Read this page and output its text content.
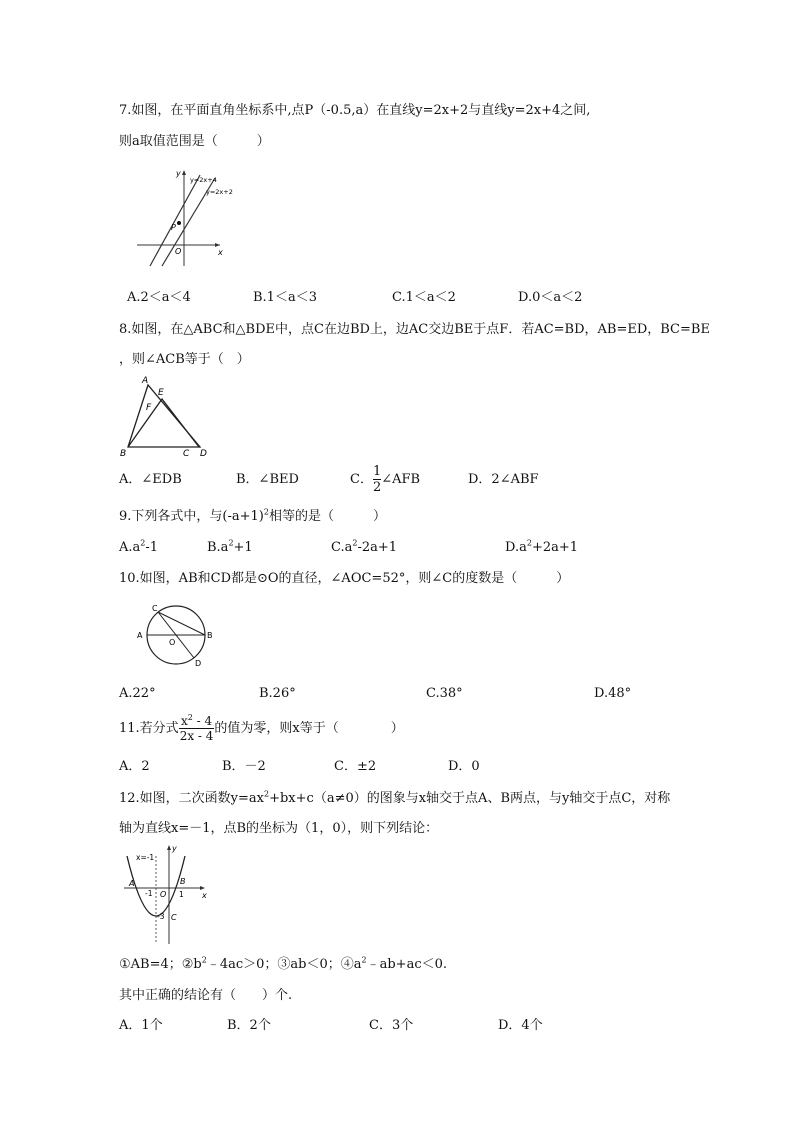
7.如图，在平面直角坐标系中,点P（-0.5,a）在直线y=2x+2与直线y=2x+4之间,
则a取值范围是（　　　）
x
y
O
P
y=2x+4
y=2x+2
A.2＜a＜4	B.1＜a＜3	C.1＜a＜2	D.0＜a＜2
8.如图，在△ABC和△BDE中，点C在边BD上，边AC交边BE于点F．若AC=BD，AB=ED，BC=BE
，则∠ACB等于（　）
A
E
F
B	C D
A．∠EDB	B．∠BED	C． $\frac{1}{2}\angle AFB$	D．2∠ABF
9.下列各式中，与$(-a+1)^2$相等的是（　　　）
$A.a^2-1$	$B.a^2+1$	$C.a^2-2a+1$	$D.a^2+2a+1$
10.如图，AB和CD都是⊙O的直径，∠AOC=52°，则∠C的度数是（　　　）
A	B
C
D
O
A.22°	B.26°	C.38°	D.48°
11.若分式 $\frac{x^2 - 4}{2x - 4}$ 的值为零，则x等于（　　　　）
A．2	B．－2	C．±2	D．0
12.如图，二次函数$y=ax^2+bx+c(a\ne 0)$的图象与x轴交于点A、B两点，与y轴交于点C，对称
轴为直线x=－1，点B的坐标为（1，0），则下列结论：
x=-1
y
x
A	B
C
O
-1	1
-3
①AB=4；$②b^2﹣4ac>0$；③ab＜0；$④a^2﹣ab+ac<0$.
其中正确的结论有（　　）个.
A．1个	B．2个	C．3个	D．4个
